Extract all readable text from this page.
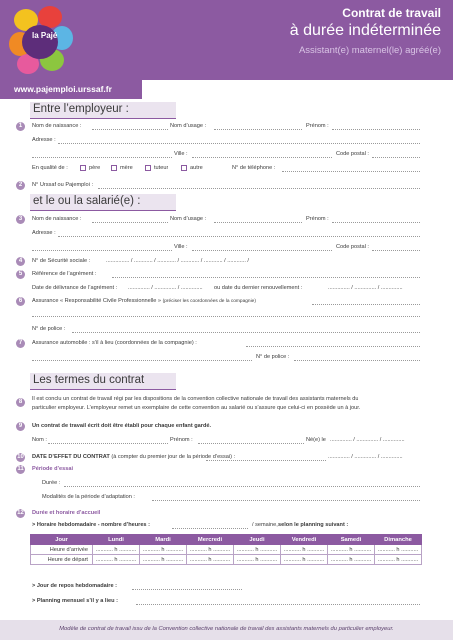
la Pajé
Contrat de travail
à durée indéterminée
Assistant(e) maternel(le) agréé(e)
www.pajemploi.urssaf.fr
Entre l’employeur :
1	Nom de naissance :	Nom d’usage :	Prénom :
Adresse :
Ville :	Code postal :
En qualité de :	père	mère	tuteur	autre	N° de téléphone :
2	N° Urssaf ou Pajemploi :
et le ou la salarié(e) :
3	Nom de naissance :	Nom d’usage :	Prénom :
Adresse :
Ville :	Code postal :
4	N° de Sécurité sociale :	............... / ............ / ............ / ............ / ............ / ............ /
5	Référence de l’agrément :
Date de délivrance de l’agrément : .............. / .............. / .............. ou date du dernier renouvellement :	.............. / .............. / ..............
6	Assurance « Responsabilité Civile Professionnelle » (préciser les coordonnées de la compagnie)
N° de police :
7	Assurance automobile : s’il à lieu (coordonnées de la compagnie) :
N° de police :
Les termes du contrat
8	Il est conclu un contrat de travail régi par les dispositions de la convention collective nationale de travail des assistants maternels du
particulier employeur. L’employeur remet un exemplaire de cette convention au salarié ou s’assure que celui-ci en possède un à jour.
9	Un contrat de travail écrit doit être établi pour chaque enfant gardé.
Nom :	Prénom :	Né(e) le .............. / .............. / ..............
10 DATE D’EFFET DU CONTRAT (à compter du premier jour de la période d’essai) :	.............. / .............. / ..............
11 Période d’essai
Durée :
Modalités de la période d’adaptation :
12 Durée et horaire d’accueil
> Horaire hebdomadaire - nombre d’heures :	/ semaine, selon le planning suivant :
Jour	Lundi	Mardi	Mercredi	Jeudi	Vendredi	Samedi	Dimanche
Heure d’arrivée	........... h ...........	........... h ...........	........... h ...........	........... h ...........	........... h ...........	........... h ...........	........... h ...........
Heure de départ	........... h ...........	........... h ...........	........... h ...........	........... h ...........	........... h ...........	........... h ...........	........... h ...........
> Jour de repos hebdomadaire :
> Planning mensuel s’il y a lieu :
Modèle de contrat de travail issu de la Convention collective nationale de travail des assistants maternels du particulier employeur.
